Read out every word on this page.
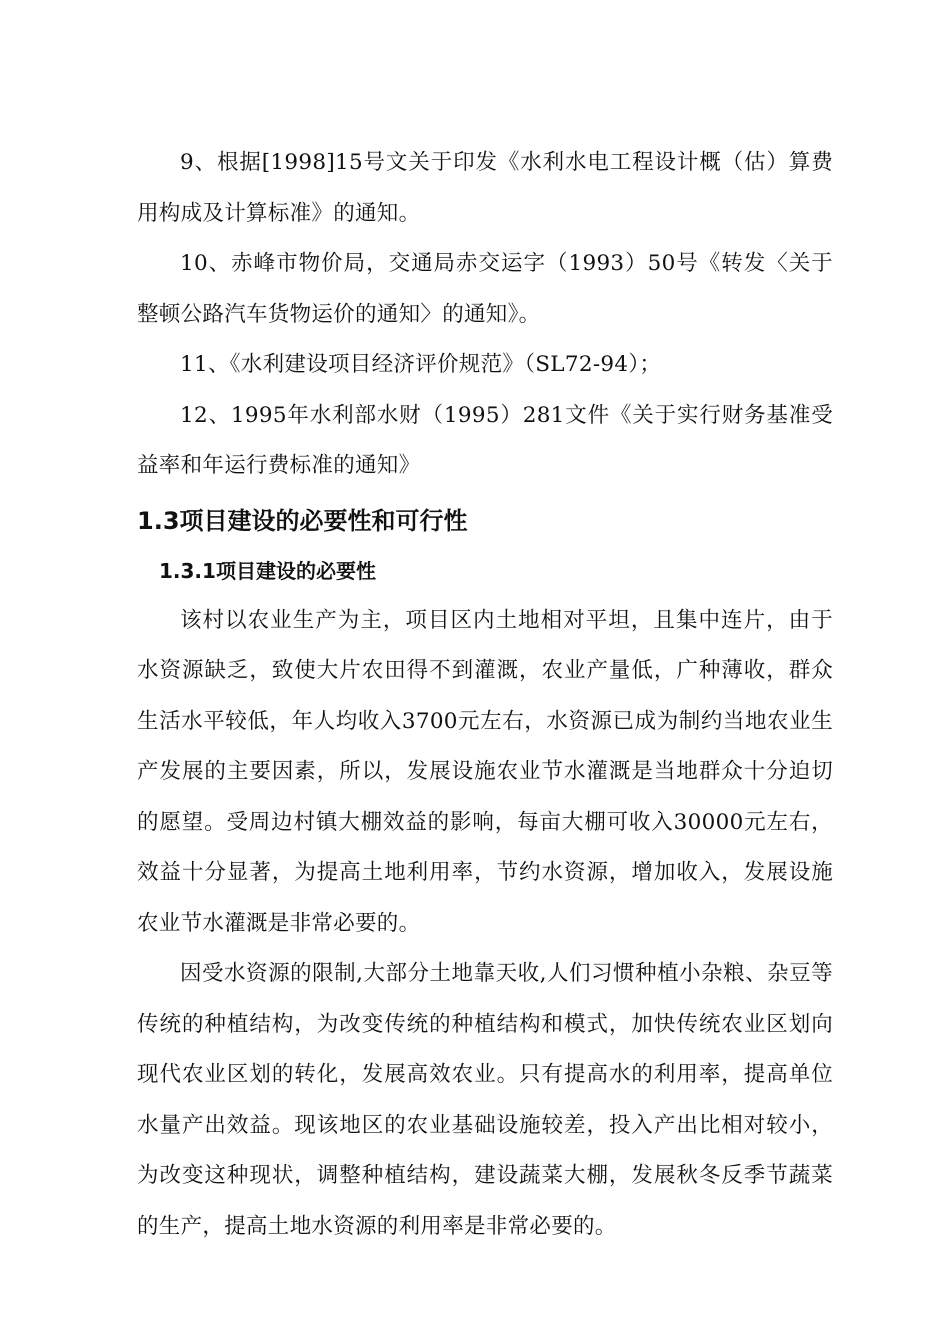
9、根据[1998]15号文关于印发《水利水电工程设计概（估）算费用构成及计算标准》的通知。

10、赤峰市物价局，交通局赤交运字（1993）50号《转发〈关于整顿公路汽车货物运价的通知〉的通知》。

11、《水利建设项目经济评价规范》（SL72-94）；

12、1995年水利部水财（1995）281文件《关于实行财务基准受益率和年运行费标准的通知》

1.3项目建设的必要性和可行性
1.3.1项目建设的必要性

该村以农业生产为主，项目区内土地相对平坦，且集中连片，由于水资源缺乏，致使大片农田得不到灌溉，农业产量低，广种薄收，群众生活水平较低，年人均收入3700元左右，水资源已成为制约当地农业生产发展的主要因素，所以，发展设施农业节水灌溉是当地群众十分迫切的愿望。受周边村镇大棚效益的影响，每亩大棚可收入30000元左右，效益十分显著，为提高土地利用率，节约水资源，增加收入，发展设施农业节水灌溉是非常必要的。

因受水资源的限制,大部分土地靠天收,人们习惯种植小杂粮、杂豆等传统的种植结构，为改变传统的种植结构和模式，加快传统农业区划向现代农业区划的转化，发展高效农业。只有提高水的利用率，提高单位水量产出效益。现该地区的农业基础设施较差，投入产出比相对较小，为改变这种现状，调整种植结构，建设蔬菜大棚，发展秋冬反季节蔬菜的生产，提高土地水资源的利用率是非常必要的。
